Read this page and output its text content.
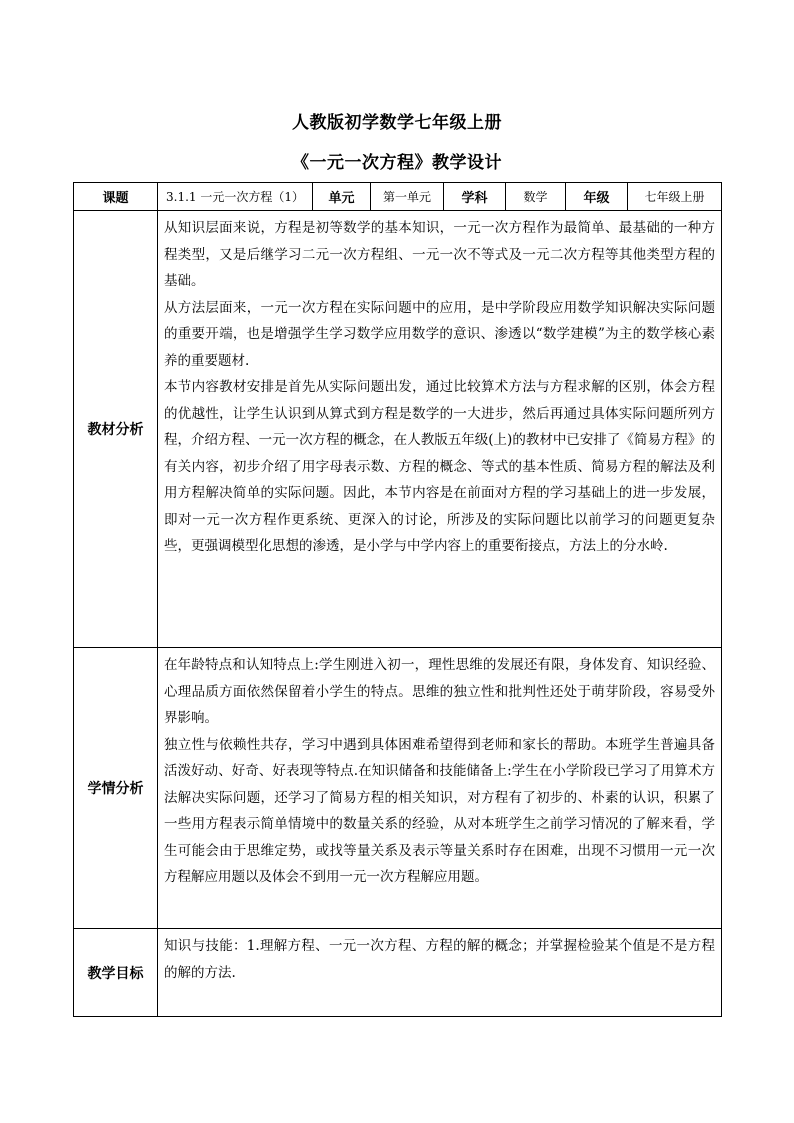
人教版初学数学七年级上册
《一元一次方程》教学设计
课题	3.1.1 一元一次方程（1）	单元	第一单元	学科	数学	年级	七年级上册
教材分析	从知识层面来说，方程是初等数学的基本知识，一元一次方程作为最简单、最基础的一种方程类型，又是后继学习二元一次方程组、一元一次不等式及一元二次方程等其他类型方程的基础。

从方法层面来，一元一次方程在实际问题中的应用，是中学阶段应用数学知识解决实际问题的重要开端，也是增强学生学习数学应用数学的意识、渗透以“数学建模”为主的数学核心素养的重要题材.

本节内容教材安排是首先从实际问题出发，通过比较算术方法与方程求解的区别，体会方程的优越性，让学生认识到从算式到方程是数学的一大进步，然后再通过具体实际问题所列方程，介绍方程、一元一次方程的概念，在人教版五年级(上)的教材中已安排了《简易方程》的有关内容，初步介绍了用字母表示数、方程的概念、等式的基本性质、简易方程的解法及利用方程解决简单的实际问题。因此，本节内容是在前面对方程的学习基础上的进一步发展，即对一元一次方程作更系统、更深入的讨论，所涉及的实际问题比以前学习的问题更复杂些，更强调模型化思想的渗透，是小学与中学内容上的重要衔接点，方法上的分水岭.						

学情分析	在年龄特点和认知特点上:学生刚进入初一，理性思维的发展还有限，身体发育、知识经验、心理品质方面依然保留着小学生的特点。思维的独立性和批判性还处于萌芽阶段，容易受外界影响。

独立性与依赖性共存，学习中遇到具体困难希望得到老师和家长的帮助。本班学生普遍具备活泼好动、好奇、好表现等特点.在知识储备和技能储备上:学生在小学阶段已学习了用算术方法解决实际问题，还学习了简易方程的相关知识，对方程有了初步的、朴素的认识，积累了一些用方程表示简单情境中的数量关系的经验，从对本班学生之前学习情况的了解来看，学生可能会由于思维定势，或找等量关系及表示等量关系时存在困难，出现不习惯用一元一次方程解应用题以及体会不到用一元一次方程解应用题。						

教学目标	知识与技能：1.理解方程、一元一次方程、方程的解的概念；并掌握检验某个值是不是方程的解的方法.						
